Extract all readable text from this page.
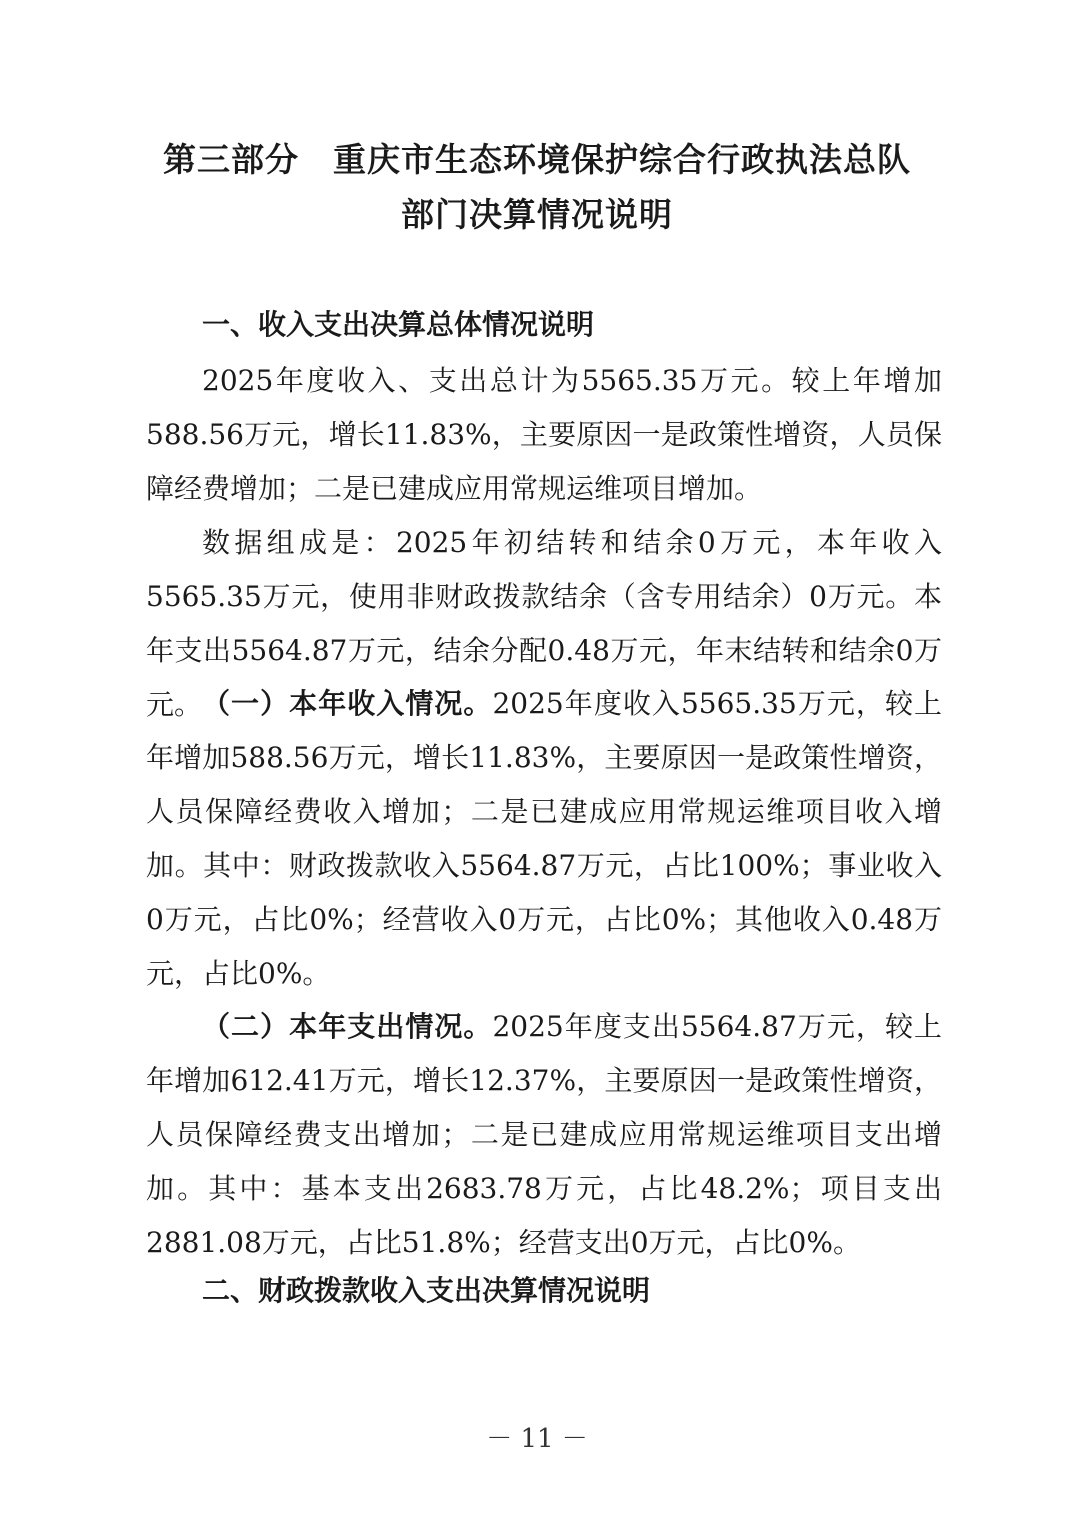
第三部分 重庆市生态环境保护综合行政执法总队
部门决算情况说明
一、收入支出决算总体情况说明

2025年度收入、支出总计为5565.35万元。较上年增加588.56万元，增长11.83%，主要原因一是政策性增资，人员保障经费增加；二是已建成应用常规运维项目增加。

数据组成是：2025年初结转和结余0万元，本年收入5565.35万元，使用非财政拨款结余（含专用结余）0万元。本年支出5564.87万元，结余分配0.48万元，年末结转和结余0万元。 （一）本年收入情况。2025年度收入5565.35万元，较上年增加588.56万元，增长11.83%，主要原因一是政策性增资，人员保障经费收入增加；二是已建成应用常规运维项目收入增加。其中：财政拨款收入5564.87万元，占比100%；事业收入0万元，占比0%；经营收入0万元，占比0%；其他收入0.48万元，占比0%。

（二）本年支出情况。2025年度支出5564.87万元，较上年增加612.41万元，增长12.37%，主要原因一是政策性增资，人员保障经费支出增加；二是已建成应用常规运维项目支出增加。其中：基本支出2683.78万元，占比48.2%；项目支出2881.08万元，占比51.8%；经营支出0万元，占比0%。

二、财政拨款收入支出决算情况说明

－ 11 －
